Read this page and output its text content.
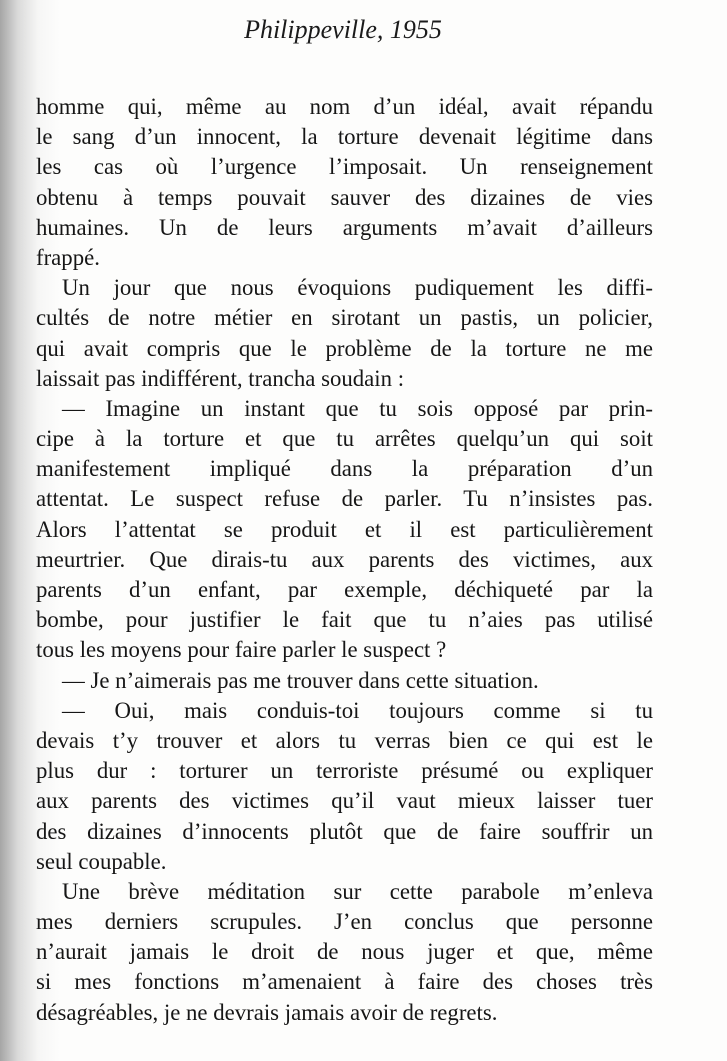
Philippeville, 1955
homme qui, même au nom d’un idéal, avait répandu
le sang d’un innocent, la torture devenait légitime dans
les cas où l’urgence l’imposait. Un renseignement
obtenu à temps pouvait sauver des dizaines de vies
humaines. Un de leurs arguments m’avait d’ailleurs
frappé.
Un jour que nous évoquions pudiquement les diffi-
cultés de notre métier en sirotant un pastis, un policier,
qui avait compris que le problème de la torture ne me
laissait pas indifférent, trancha soudain :
— Imagine un instant que tu sois opposé par prin-
cipe à la torture et que tu arrêtes quelqu’un qui soit
manifestement impliqué dans la préparation d’un
attentat. Le suspect refuse de parler. Tu n’insistes pas.
Alors l’attentat se produit et il est particulièrement
meurtrier. Que dirais-tu aux parents des victimes, aux
parents d’un enfant, par exemple, déchiqueté par la
bombe, pour justifier le fait que tu n’aies pas utilisé
tous les moyens pour faire parler le suspect ?
— Je n’aimerais pas me trouver dans cette situation.
— Oui, mais conduis-toi toujours comme si tu
devais t’y trouver et alors tu verras bien ce qui est le
plus dur : torturer un terroriste présumé ou expliquer
aux parents des victimes qu’il vaut mieux laisser tuer
des dizaines d’innocents plutôt que de faire souffrir un
seul coupable.
Une brève méditation sur cette parabole m’enleva
mes derniers scrupules. J’en conclus que personne
n’aurait jamais le droit de nous juger et que, même
si mes fonctions m’amenaient à faire des choses très
désagréables, je ne devrais jamais avoir de regrets.
